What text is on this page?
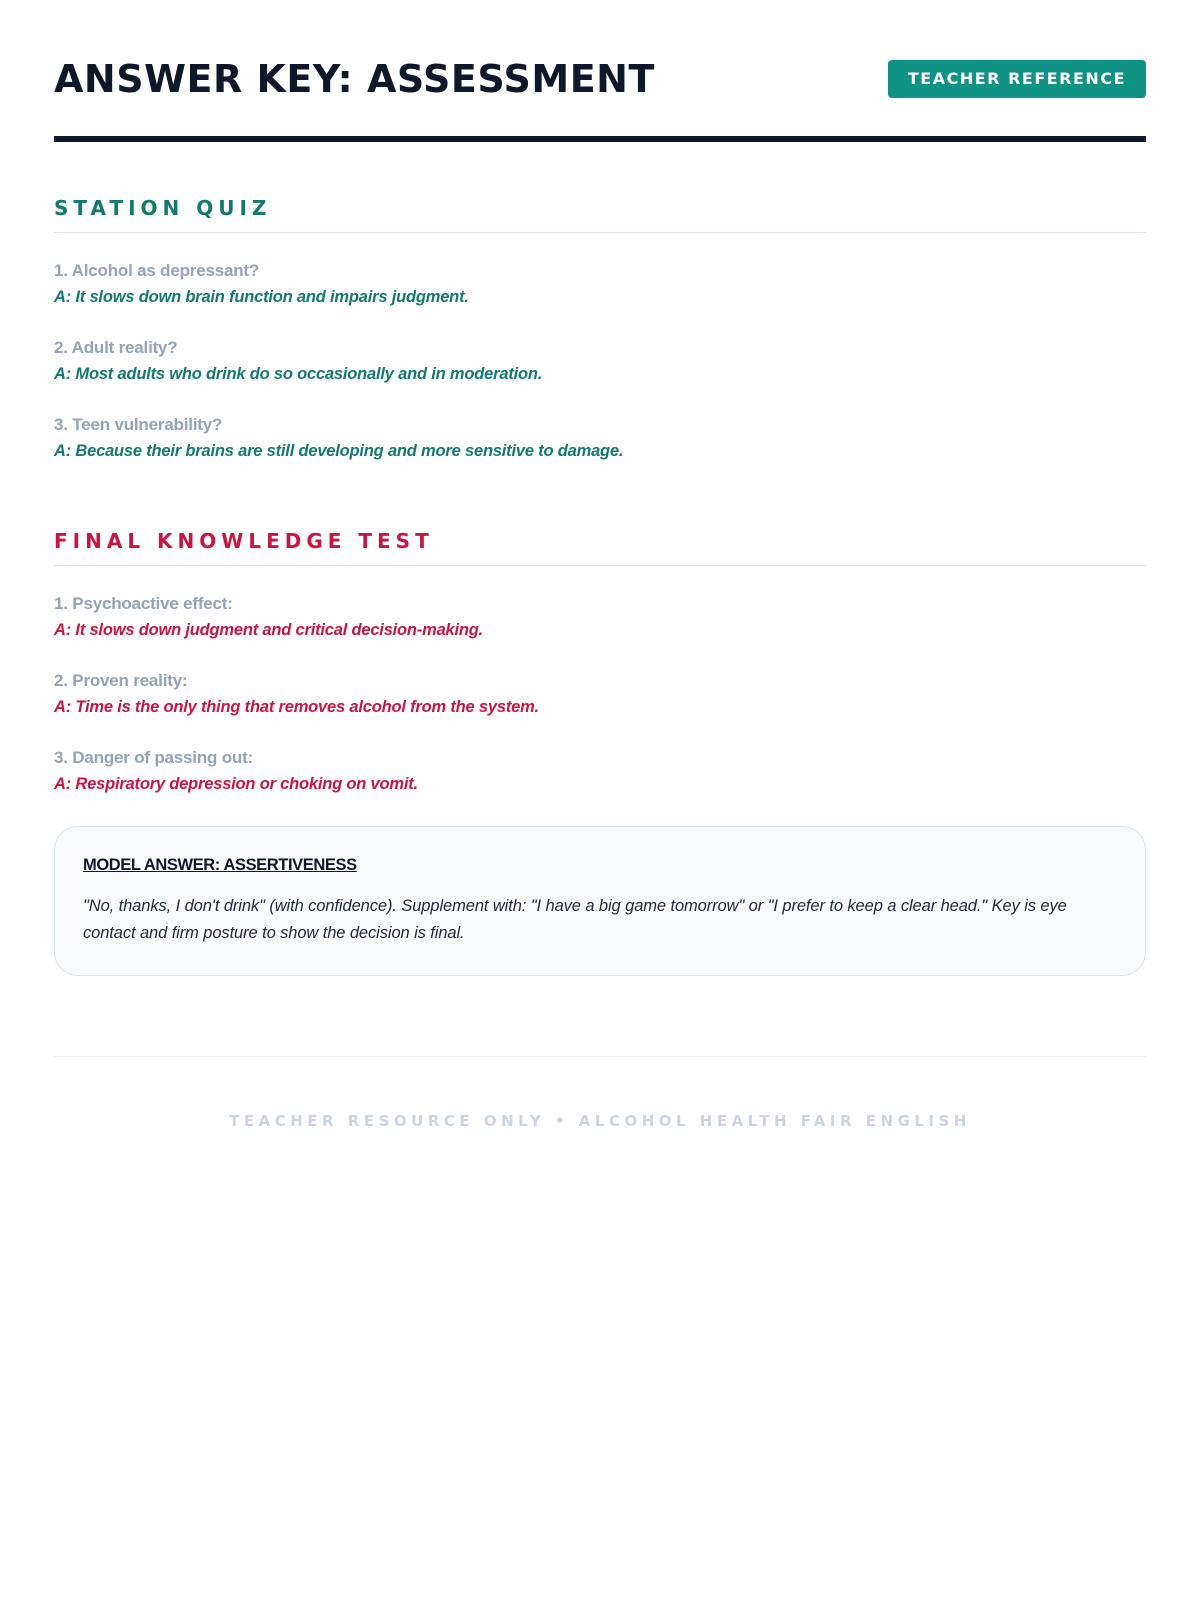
ANSWER KEY: ASSESSMENT	TEACHER REFERENCE
STATION QUIZ
1. Alcohol as depressant?
A: It slows down brain function and impairs judgment.
2. Adult reality?
A: Most adults who drink do so occasionally and in moderation.
3. Teen vulnerability?
A: Because their brains are still developing and more sensitive to damage.
FINAL KNOWLEDGE TEST
1. Psychoactive effect:
A: It slows down judgment and critical decision-making.
2. Proven reality:
A: Time is the only thing that removes alcohol from the system.
3. Danger of passing out:
A: Respiratory depression or choking on vomit.
MODEL ANSWER: ASSERTIVENESS
"No, thanks, I don't drink" (with confidence). Supplement with: "I have a big game tomorrow" or "I prefer to keep a clear head." Key is eye contact and firm posture to show the decision is final.
TEACHER RESOURCE ONLY • ALCOHOL HEALTH FAIR ENGLISH
